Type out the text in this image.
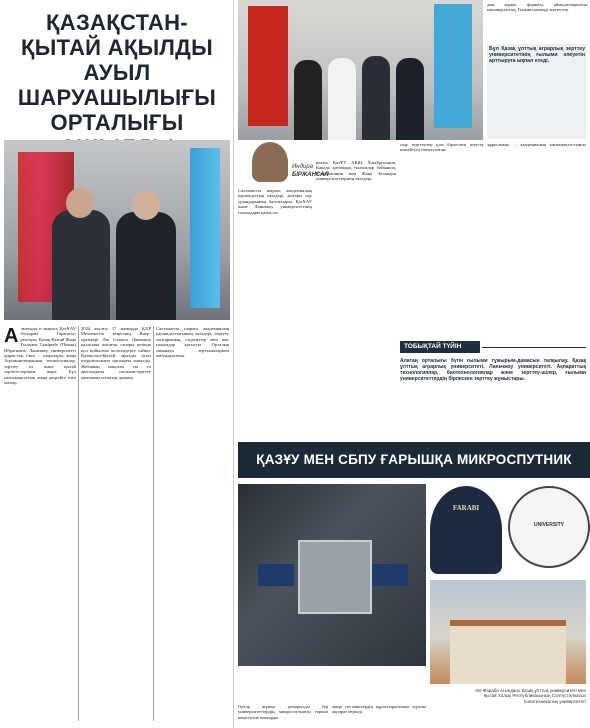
ҚАЗАҚСТАН-ҚЫТАЙ АҚЫЛДЫ АУЫЛ ШАРУАШЫЛЫҒЫ ОРТАЛЫҒЫ
А лматыда ic-шарага ҚазҰАУ басқарма Төрағасы-ректоры, Қазақ-Қытай Жаңа Ғылыми Тәжірибе (Пекин) Ибрагимов, Ланьчжоу университеті дирек-тор Сюн ... шаралары, жаңа Агроинновациялық технологиялар, зерттеу ісі және қытай серіктестерімен шарт. Бұл ынтымақтастық жаңа деңгейге өтіп жатыр.
2024 жылғы 17 мамырда ҚХР Мемлекетік кеңесінің Вице-премьері Лю Гочжун Ланьчжоу қаласына жасаған сапары кезінде қол қойылған келісімдерге сәйкес Қазақстан-Қытай ақылды ауыл шаруашылығы орталығы ашылды. Жобаның мақсаты екі ел арасындағы ғылыми-зерттеу ынтымақтастығын дамыту.
Салтанатты шараға академиялық қауымдастығының өкілдері, зерттеу топтарының, студенттер мен жас ғалымдар қатысты. Орталық заманауи зертханалармен жабдықталған.
дың жұмыс форматы, ұйымдастырылған ынтымақтастық, Ғылыми кешенді зерттеулер.
Бұл Қазақ ұлттық аграрлық зерттеу университетінің ғылыми әлеуетін арттыруға ықпал етеді.
Индира
БІРЖАНСАЛ
Салтанатты шараға академиялық қауымдастық өкілдері, жоғары оқу орындарының басшылары, ҚазҰАУ және Ланьчжоу университетінің ғалымдары қатысты.
реаты, ҚазҰУ, АКШ, ҰлыБритания, Канада қоғамдық ғылымдар бойынша, Ұлыбритания мен Жаңа Зеландия университеттерінің өкілдері.
сіңу зерттеулер ұлы бірлескен зерттеу құрылымы. ... академиялық ынтымақтастықты нығайтуға бағытталған.
ТОБЫҚТАЙ ТҮЙІН
Алатаң орталығы бүгін ғылыми тұжырым-дамасын талқылау. Қазақ ұлттық аграрлық университеті. Ланьчжоу университеті. Ақпараттық технологиялар, биотехнологиялар және зерттеу-шілер, ғылыми университеттердің бірлескен зерттеу жұмыстары.
ҚАЗҰУ МЕН СБПУ ҒАРЫШҚА МИКРОСПУТНИК
FARABI
UNIVERSITY
Ортақ жұмыс ұшырылды бір университеттердің микроспутнигін ғарыш кеңістігіне шығарды.
жаңа спутниктердің құрастырылғаны туралы ақпарат берілді.
Әл-Фараби атындағы Қазақ ұлттық университеті мен Қытай Халық Республикасының Солтүстік-Батыс политехникалық университеті
